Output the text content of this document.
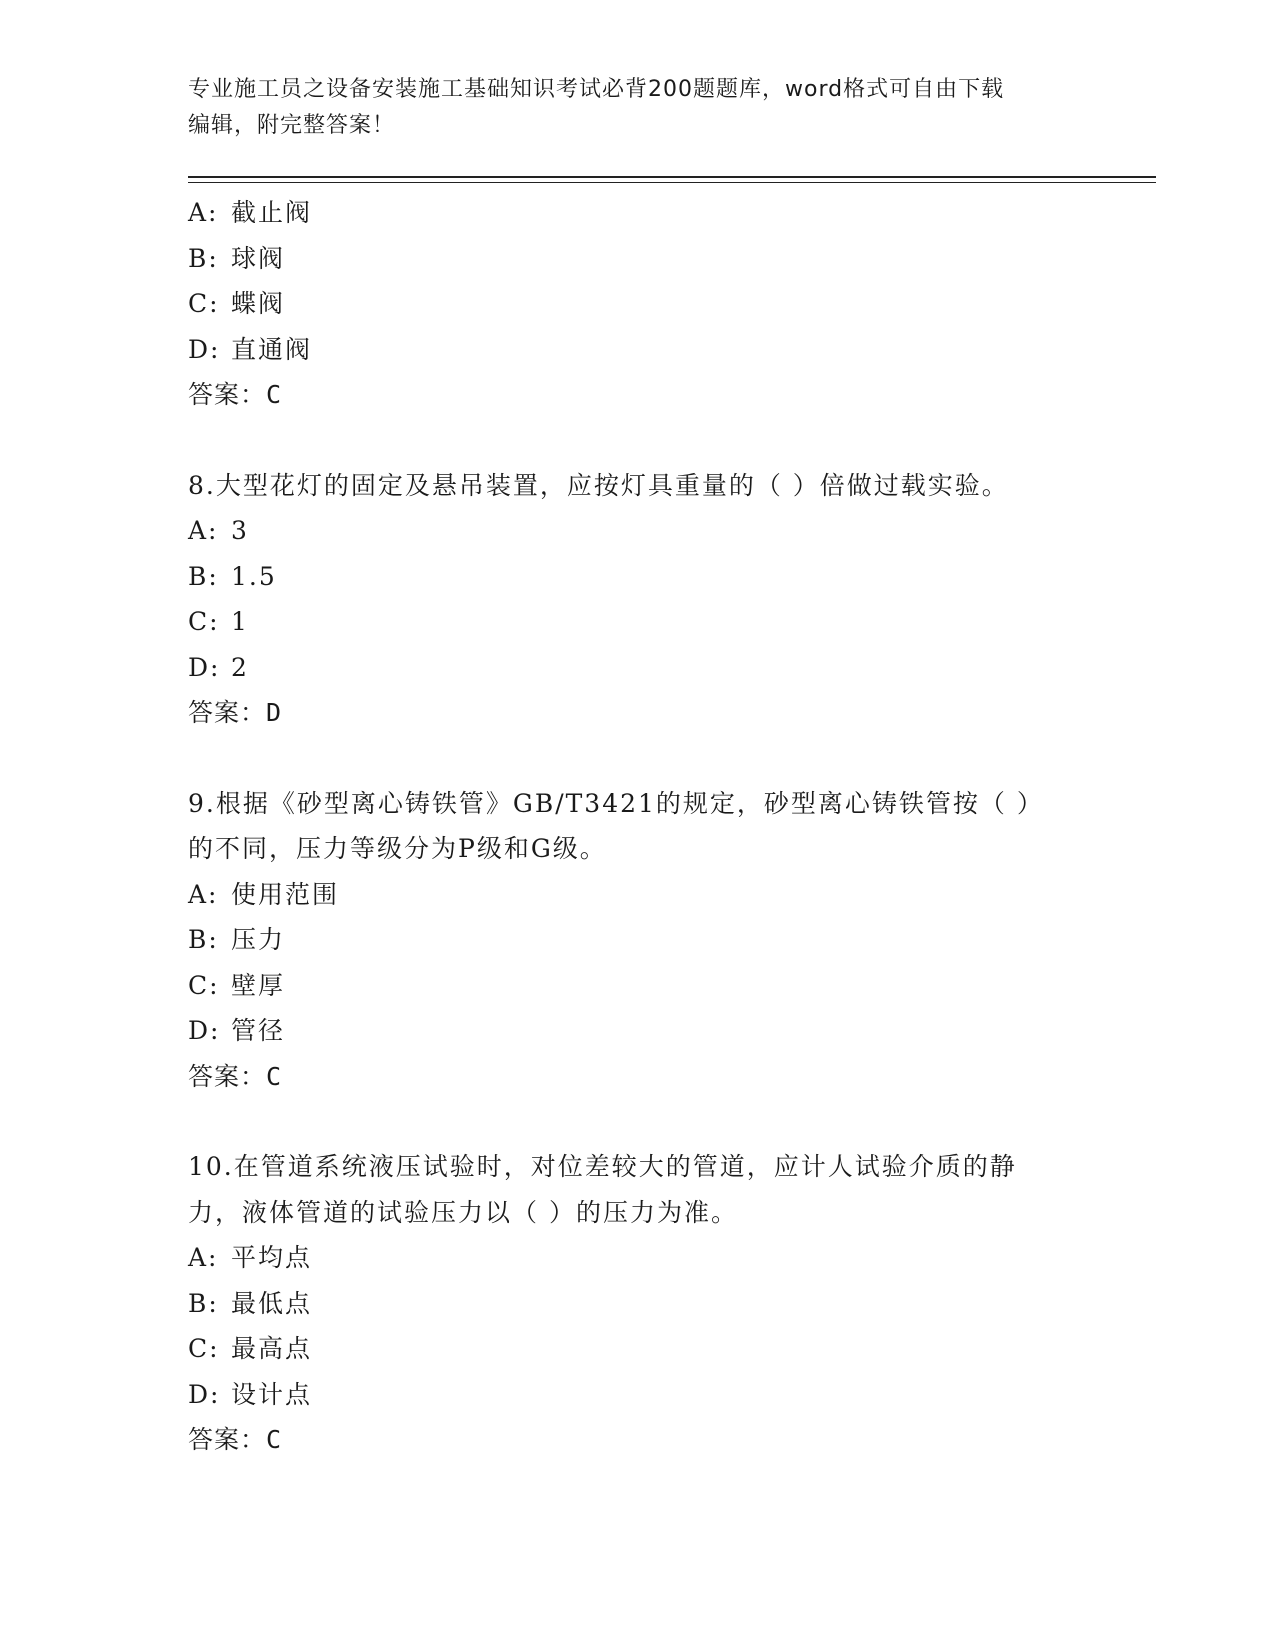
专业施工员之设备安装施工基础知识考试必背200题题库，word格式可自由下载
编辑，附完整答案！
A: 截止阀
B: 球阀
C: 蝶阀
D: 直通阀
答案：C
8.大型花灯的固定及悬吊装置，应按灯具重量的（ ）倍做过载实验。
A: 3
B: 1.5
C: 1
D: 2
答案：D
9.根据《砂型离心铸铁管》GB/T3421的规定，砂型离心铸铁管按（ ）
的不同，压力等级分为P级和G级。
A: 使用范围
B: 压力
C: 壁厚
D: 管径
答案：C
10.在管道系统液压试验时，对位差较大的管道，应计人试验介质的静
力，液体管道的试验压力以（ ）的压力为准。
A: 平均点
B: 最低点
C: 最高点
D: 设计点
答案：C
